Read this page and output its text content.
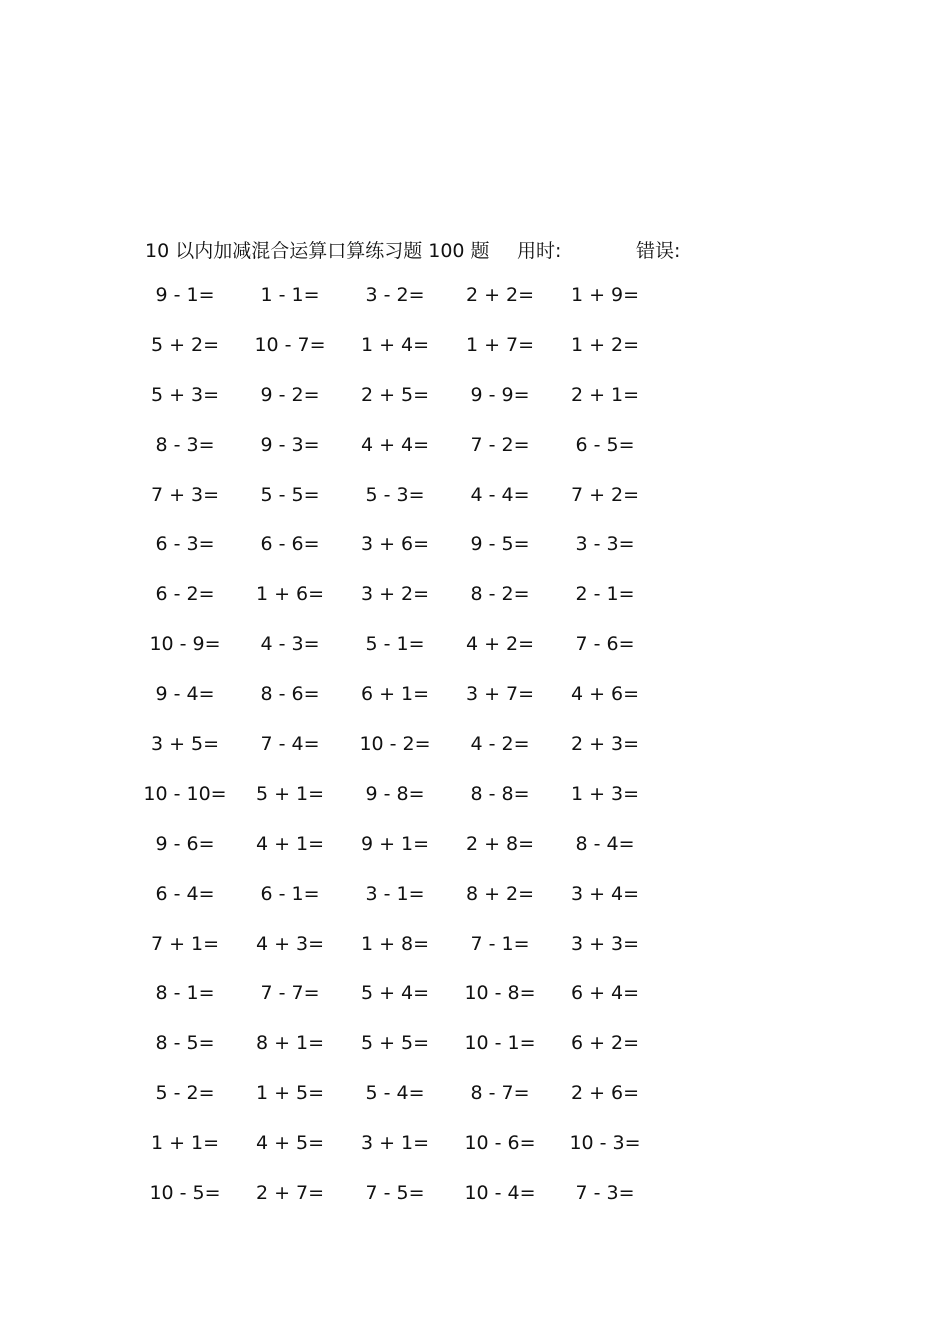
10 以内加减混合运算口算练习题 100 题 用时:	错误:
9 - 1=	1 - 1=	3 - 2=	2 + 2=	1 + 9=
5 + 2=	10 - 7=	1 + 4=	1 + 7=	1 + 2=
5 + 3=	9 - 2=	2 + 5=	9 - 9=	2 + 1=
8 - 3=	9 - 3=	4 + 4=	7 - 2=	6 - 5=
7 + 3=	5 - 5=	5 - 3=	4 - 4=	7 + 2=
6 - 3=	6 - 6=	3 + 6=	9 - 5=	3 - 3=
6 - 2=	1 + 6=	3 + 2=	8 - 2=	2 - 1=
10 - 9=	4 - 3=	5 - 1=	4 + 2=	7 - 6=
9 - 4=	8 - 6=	6 + 1=	3 + 7=	4 + 6=
3 + 5=	7 - 4=	10 - 2=	4 - 2=	2 + 3=
10 - 10=	5 + 1=	9 - 8=	8 - 8=	1 + 3=
9 - 6=	4 + 1=	9 + 1=	2 + 8=	8 - 4=
6 - 4=	6 - 1=	3 - 1=	8 + 2=	3 + 4=
7 + 1=	4 + 3=	1 + 8=	7 - 1=	3 + 3=
8 - 1=	7 - 7=	5 + 4=	10 - 8=	6 + 4=
8 - 5=	8 + 1=	5 + 5=	10 - 1=	6 + 2=
5 - 2=	1 + 5=	5 - 4=	8 - 7=	2 + 6=
1 + 1=	4 + 5=	3 + 1=	10 - 6=	10 - 3=
10 - 5=	2 + 7=	7 - 5=	10 - 4=	7 - 3=
